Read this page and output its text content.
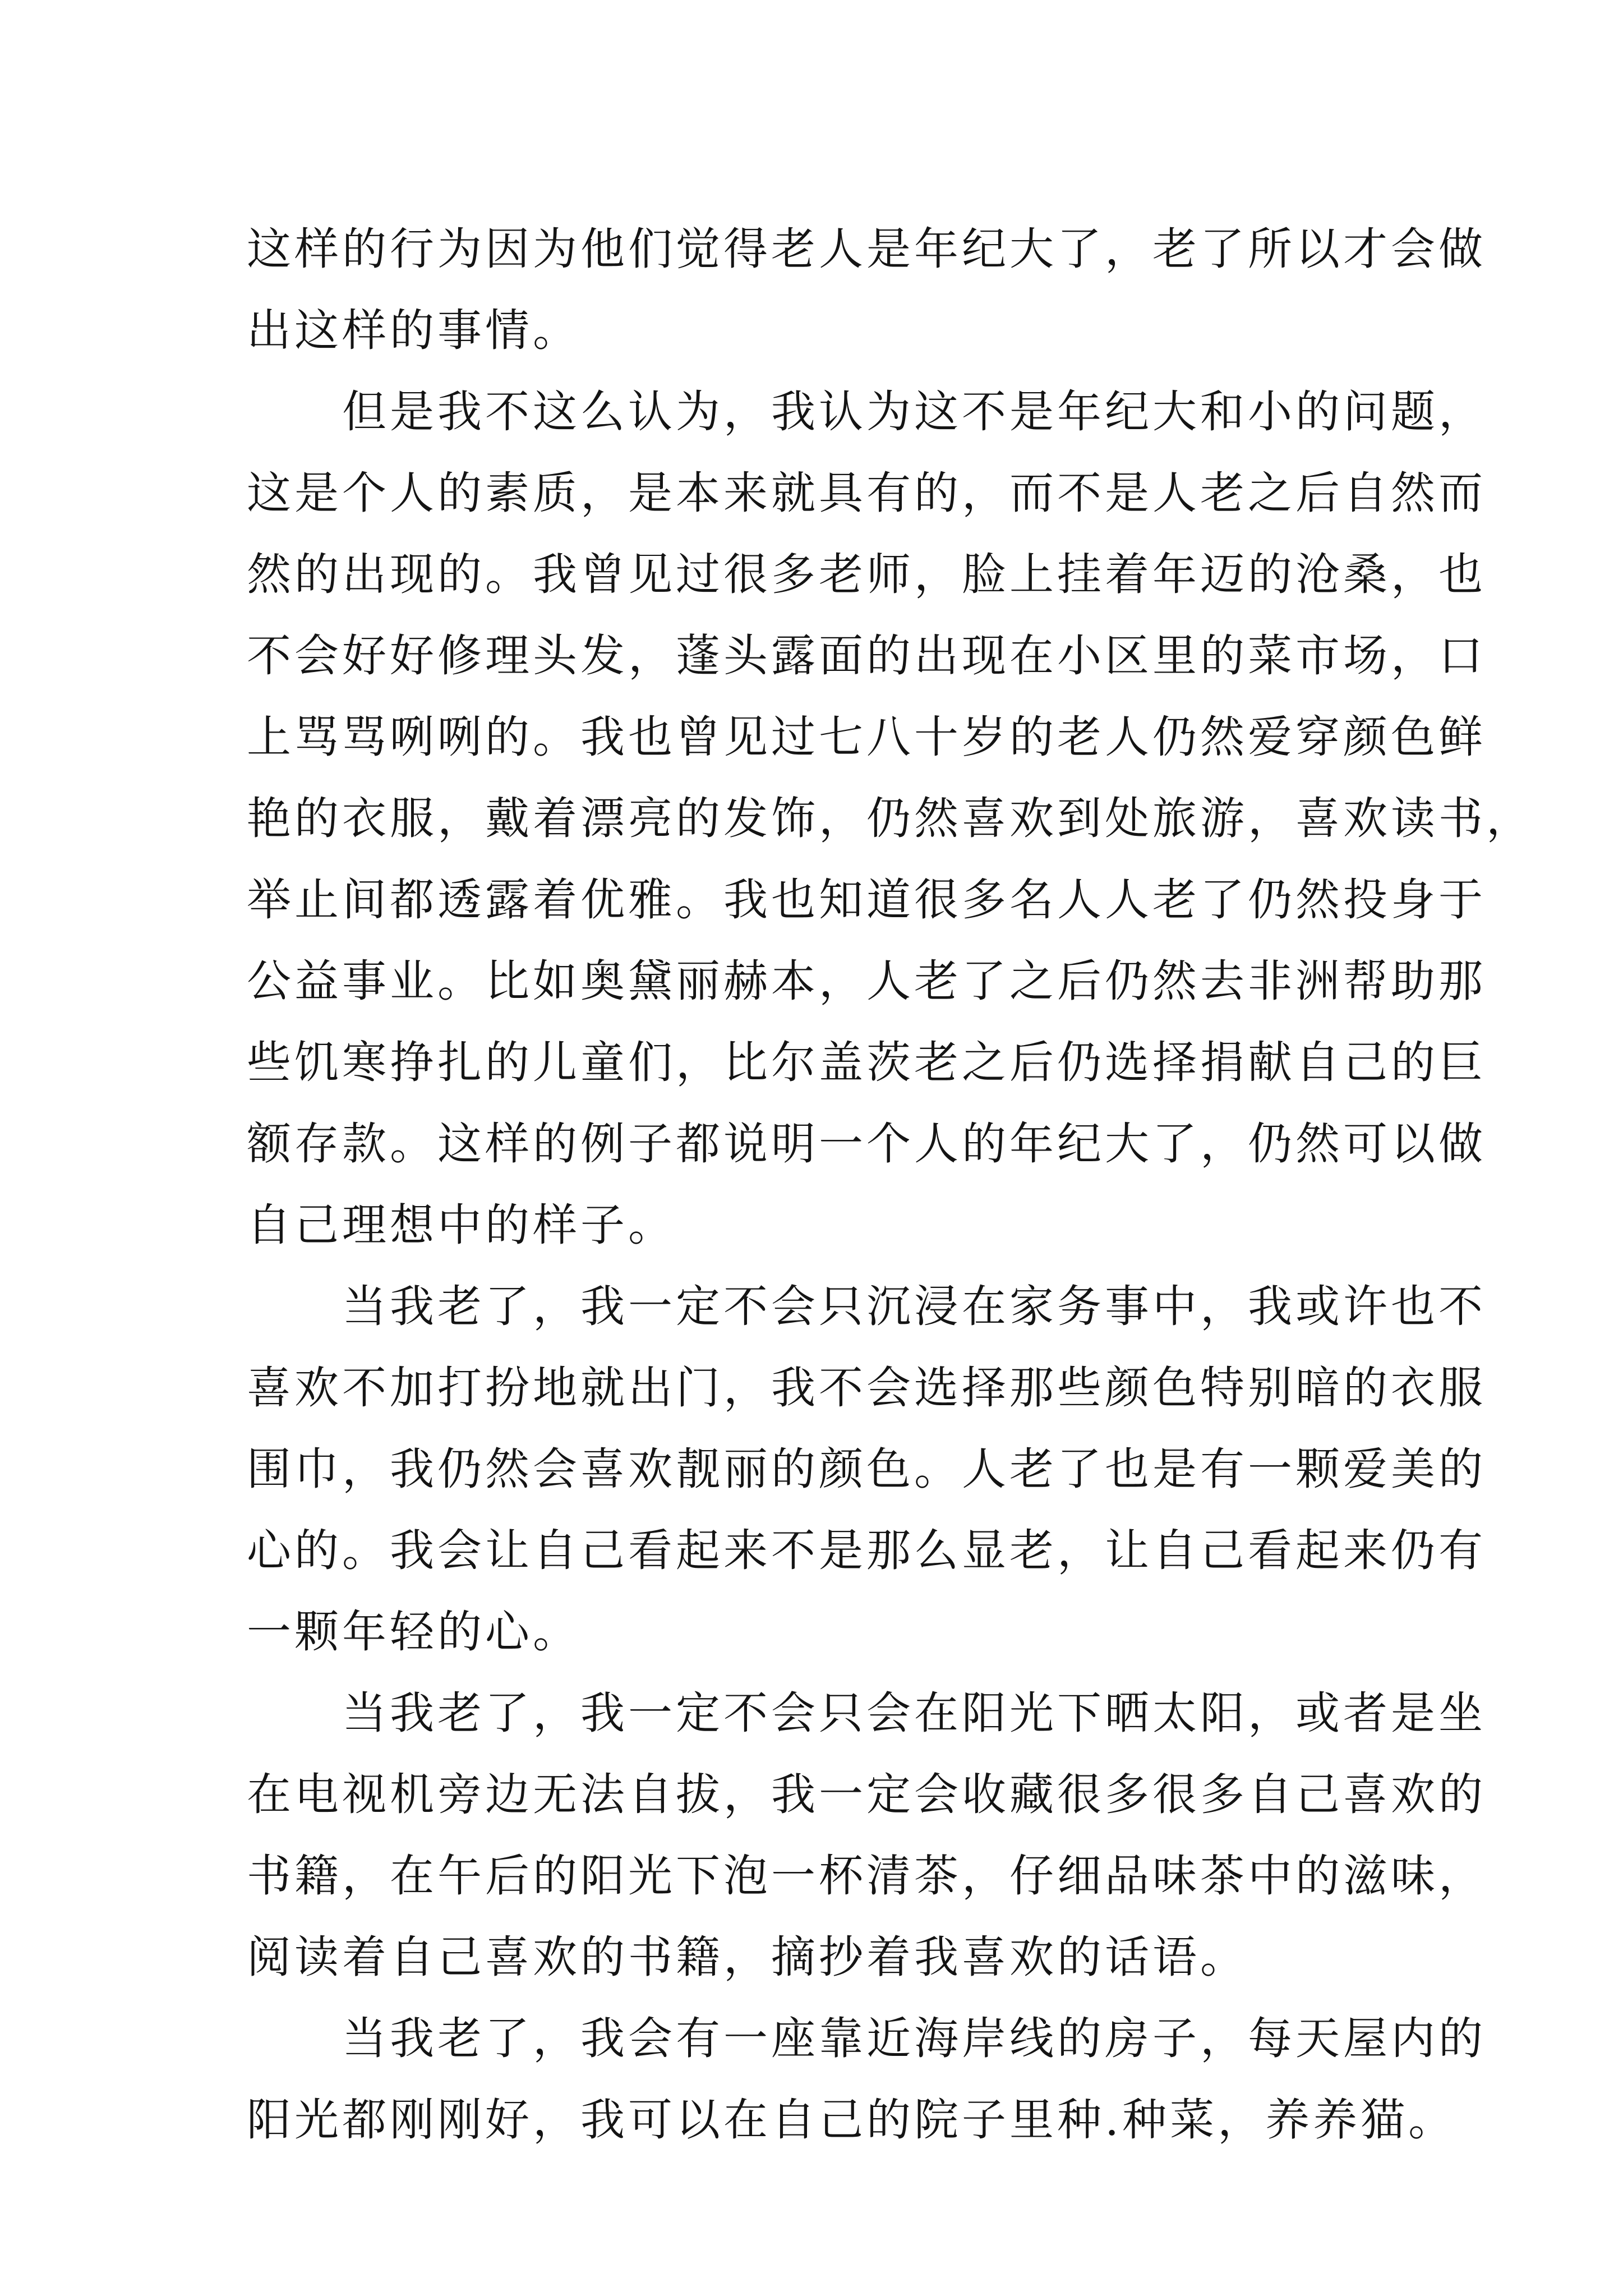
这样的行为因为他们觉得老人是年纪大了，老了所以才会做
出这样的事情。
但是我不这么认为，我认为这不是年纪大和小的问题，
这是个人的素质，是本来就具有的，而不是人老之后自然而
然的出现的。我曾见过很多老师，脸上挂着年迈的沧桑，也
不会好好修理头发，蓬头露面的出现在小区里的菜市场，口
上骂骂咧咧的。我也曾见过七八十岁的老人仍然爱穿颜色鲜
艳的衣服，戴着漂亮的发饰，仍然喜欢到处旅游，喜欢读书，
举止间都透露着优雅。我也知道很多名人人老了仍然投身于
公益事业。比如奥黛丽赫本，人老了之后仍然去非洲帮助那
些饥寒挣扎的儿童们，比尔盖茨老之后仍选择捐献自己的巨
额存款。这样的例子都说明一个人的年纪大了，仍然可以做
自己理想中的样子。
当我老了，我一定不会只沉浸在家务事中，我或许也不
喜欢不加打扮地就出门，我不会选择那些颜色特别暗的衣服
围巾，我仍然会喜欢靓丽的颜色。人老了也是有一颗爱美的
心的。我会让自己看起来不是那么显老，让自己看起来仍有
一颗年轻的心。
当我老了，我一定不会只会在阳光下晒太阳，或者是坐
在电视机旁边无法自拔，我一定会收藏很多很多自己喜欢的
书籍，在午后的阳光下泡一杯清茶，仔细品味茶中的滋味，
阅读着自己喜欢的书籍，摘抄着我喜欢的话语。
当我老了，我会有一座靠近海岸线的房子，每天屋内的
阳光都刚刚好，我可以在自己的院子里种.种菜，养养猫。
